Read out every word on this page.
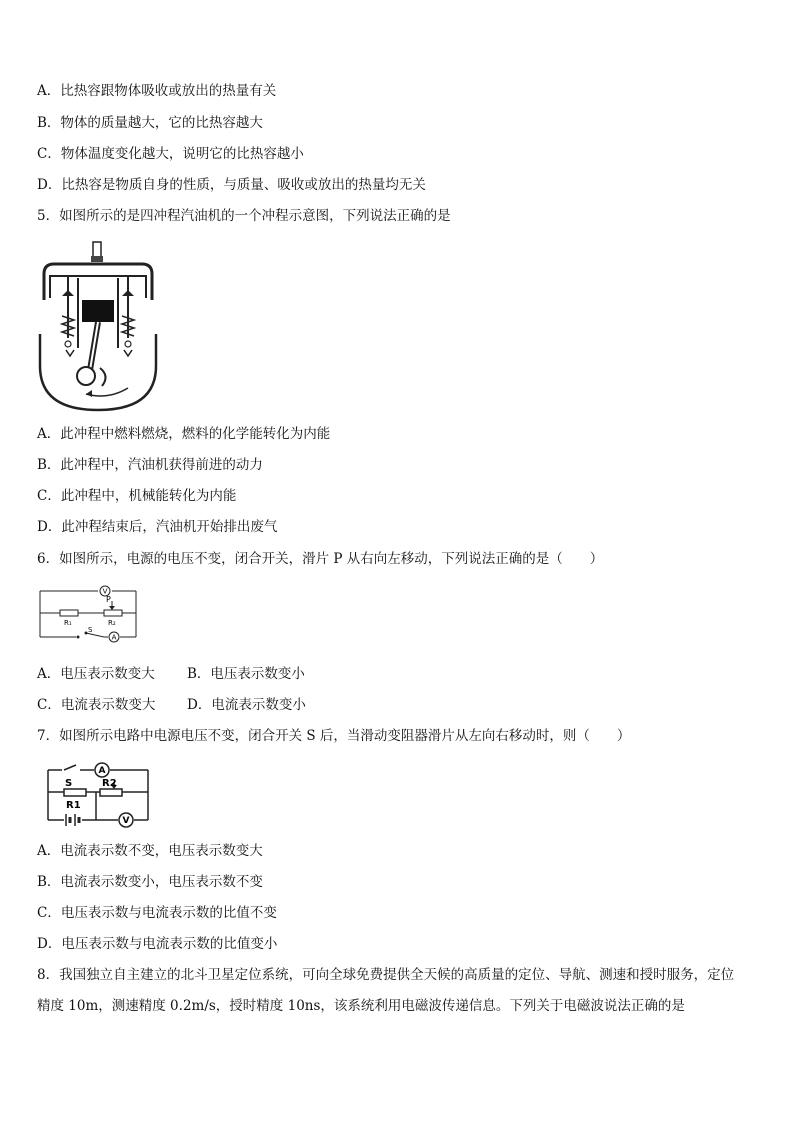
A．比热容跟物体吸收或放出的热量有关
B．物体的质量越大，它的比热容越大
C．物体温度变化越大，说明它的比热容越小
D．比热容是物质自身的性质，与质量、吸收或放出的热量均无关
5．如图所示的是四冲程汽油机的一个冲程示意图，下列说法正确的是
A．此冲程中燃料燃烧，燃料的化学能转化为内能
B．此冲程中，汽油机获得前进的动力
C．此冲程中，机械能转化为内能
D．此冲程结束后，汽油机开始排出废气
6．如图所示，电源的电压不变，闭合开关，滑片 P 从右向左移动，下列说法正确的是（　　）
V
A
P
R₁	R₂
S
A．电压表示数变大 B．电压表示数变小
C．电流表示数变大 D．电流表示数变小
7．如图所示电路中电源电压不变，闭合开关 S 后，当滑动变阻器滑片从左向右移动时，则（　　）
A
V
S
R1
R2
A．电流表示数不变，电压表示数变大
B．电流表示数变小，电压表示数不变
C．电压表示数与电流表示数的比值不变
D．电压表示数与电流表示数的比值变小
8．我国独立自主建立的北斗卫星定位系统，可向全球免费提供全天候的高质量的定位、导航、测速和授时服务，定位
精度 10m，测速精度 0.2m/s，授时精度 10ns，该系统利用电磁波传递信息。下列关于电磁波说法正确的是
